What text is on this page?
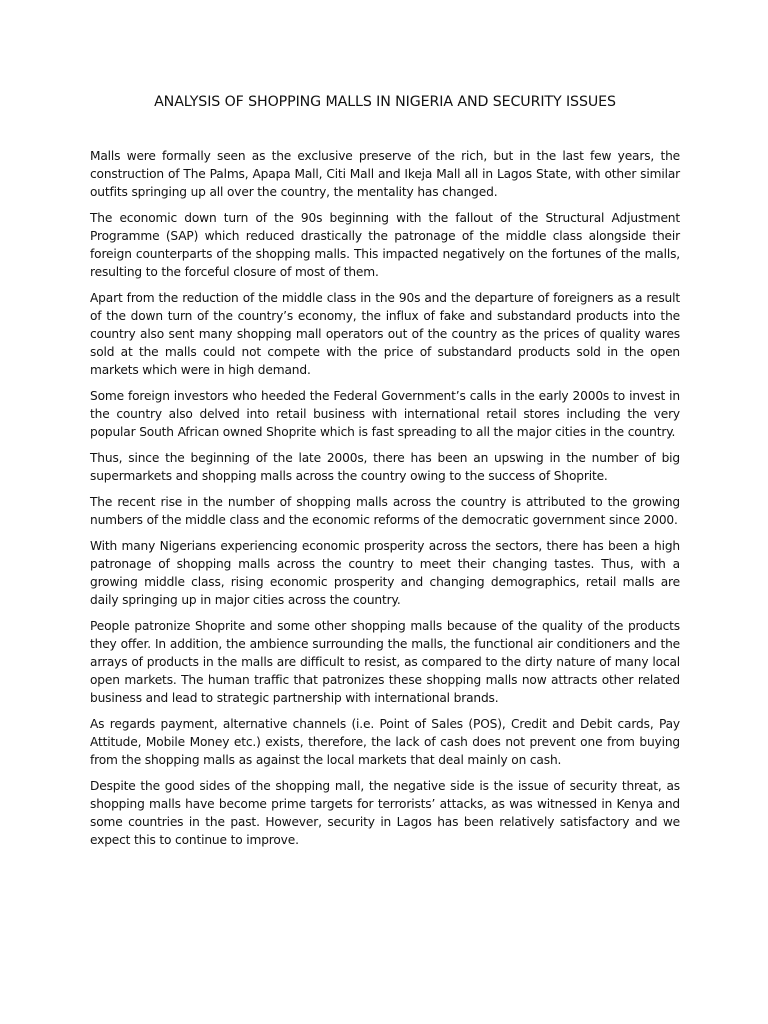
ANALYSIS OF SHOPPING MALLS IN NIGERIA AND SECURITY ISSUES

Malls were formally seen as the exclusive preserve of the rich, but in the last few years, the construction of The Palms, Apapa Mall, Citi Mall and Ikeja Mall all in Lagos State, with other similar outfits springing up all over the country, the mentality has changed.

The economic down turn of the 90s beginning with the fallout of the Structural Adjustment Programme (SAP) which reduced drastically the patronage of the middle class alongside their foreign counterparts of the shopping malls. This impacted negatively on the fortunes of the malls, resulting to the forceful closure of most of them.

Apart from the reduction of the middle class in the 90s and the departure of foreigners as a result of the down turn of the country’s economy, the influx of fake and substandard products into the country also sent many shopping mall operators out of the country as the prices of quality wares sold at the malls could not compete with the price of substandard products sold in the open markets which were in high demand.

Some foreign investors who heeded the Federal Government’s calls in the early 2000s to invest in the country also delved into retail business with international retail stores including the very popular South African owned Shoprite which is fast spreading to all the major cities in the country.

Thus, since the beginning of the late 2000s, there has been an upswing in the number of big supermarkets and shopping malls across the country owing to the success of Shoprite.

The recent rise in the number of shopping malls across the country is attributed to the growing numbers of the middle class and the economic reforms of the democratic government since 2000.

With many Nigerians experiencing economic prosperity across the sectors, there has been a high patronage of shopping malls across the country to meet their changing tastes. Thus, with a growing middle class, rising economic prosperity and changing demographics, retail malls are daily springing up in major cities across the country.

People patronize Shoprite and some other shopping malls because of the quality of the products they offer. In addition, the ambience surrounding the malls, the functional air conditioners and the arrays of products in the malls are difficult to resist, as compared to the dirty nature of many local open markets. The human traffic that patronizes these shopping malls now attracts other related business and lead to strategic partnership with international brands.

As regards payment, alternative channels (i.e. Point of Sales (POS), Credit and Debit cards, Pay Attitude, Mobile Money etc.) exists, therefore, the lack of cash does not prevent one from buying from the shopping malls as against the local markets that deal mainly on cash.

Despite the good sides of the shopping mall, the negative side is the issue of security threat, as shopping malls have become prime targets for terrorists’ attacks, as was witnessed in Kenya and some countries in the past. However, security in Lagos has been relatively satisfactory and we expect this to continue to improve.
